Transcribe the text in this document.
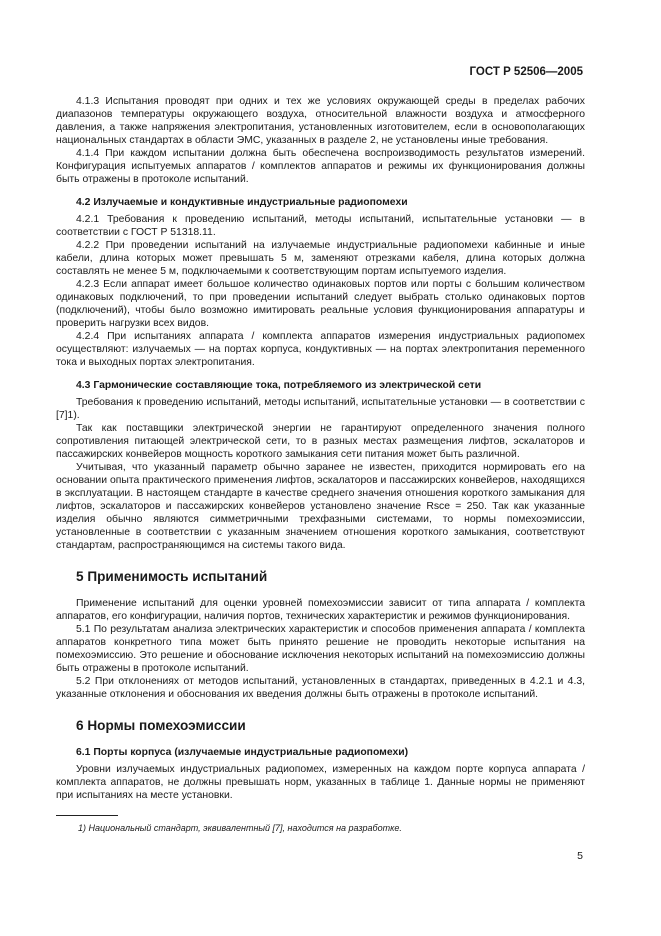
ГОСТ Р 52506—2005

4.1.3 Испытания проводят при одних и тех же условиях окружающей среды в пределах рабочих диапазонов температуры окружающего воздуха, относительной влажности воздуха и атмосферного давления, а также напряжения электропитания, установленных изготовителем, если в основополагающих национальных стандартах в области ЭМС, указанных в разделе 2, не установлены иные требования.

4.1.4 При каждом испытании должна быть обеспечена воспроизводимость результатов измерений. Конфигурация испытуемых аппаратов / комплектов аппаратов и режимы их функционирования должны быть отражены в протоколе испытаний.

4.2 Излучаемые и кондуктивные индустриальные радиопомехи

4.2.1 Требования к проведению испытаний, методы испытаний, испытательные установки — в соответствии с ГОСТ Р 51318.11.

4.2.2 При проведении испытаний на излучаемые индустриальные радиопомехи кабинные и иные кабели, длина которых может превышать 5 м, заменяют отрезками кабеля, длина которых должна составлять не менее 5 м, подключаемыми к соответствующим портам испытуемого изделия.

4.2.3 Если аппарат имеет большое количество одинаковых портов или порты с большим количеством одинаковых подключений, то при проведении испытаний следует выбрать столько одинаковых портов (подключений), чтобы было возможно имитировать реальные условия функционирования аппаратуры и проверить нагрузки всех видов.

4.2.4 При испытаниях аппарата / комплекта аппаратов измерения индустриальных радиопомех осуществляют: излучаемых — на портах корпуса, кондуктивных — на портах электропитания переменного тока и выходных портах электропитания.

4.3 Гармонические составляющие тока, потребляемого из электрической сети

Требования к проведению испытаний, методы испытаний, испытательные установки — в соответствии с [7]1).

Так как поставщики электрической энергии не гарантируют определенного значения полного сопротивления питающей электрической сети, то в разных местах размещения лифтов, эскалаторов и пассажирских конвейеров мощность короткого замыкания сети питания может быть различной.

Учитывая, что указанный параметр обычно заранее не известен, приходится нормировать его на основании опыта практического применения лифтов, эскалаторов и пассажирских конвейеров, находящихся в эксплуатации. В настоящем стандарте в качестве среднего значения отношения короткого замыкания для лифтов, эскалаторов и пассажирских конвейеров установлено значение Rsce = 250. Так как указанные изделия обычно являются симметричными трехфазными системами, то нормы помехоэмиссии, установленные в соответствии с указанным значением отношения короткого замыкания, соответствуют стандартам, распространяющимся на системы такого вида.

5 Применимость испытаний

Применение испытаний для оценки уровней помехоэмиссии зависит от типа аппарата / комплекта аппаратов, его конфигурации, наличия портов, технических характеристик и режимов функционирования.

5.1 По результатам анализа электрических характеристик и способов применения аппарата / комплекта аппаратов конкретного типа может быть принято решение не проводить некоторые испытания на помехоэмиссию. Это решение и обоснование исключения некоторых испытаний на помехоэмиссию должны быть отражены в протоколе испытаний.

5.2 При отклонениях от методов испытаний, установленных в стандартах, приведенных в 4.2.1 и 4.3, указанные отклонения и обоснования их введения должны быть отражены в протоколе испытаний.

6 Нормы помехоэмиссии
6.1 Порты корпуса (излучаемые индустриальные радиопомехи)

Уровни излучаемых индустриальных радиопомех, измеренных на каждом порте корпуса аппарата / комплекта аппаратов, не должны превышать норм, указанных в таблице 1. Данные нормы не применяют при испытаниях на месте установки.

1) Национальный стандарт, эквивалентный [7], находится на разработке.

5
